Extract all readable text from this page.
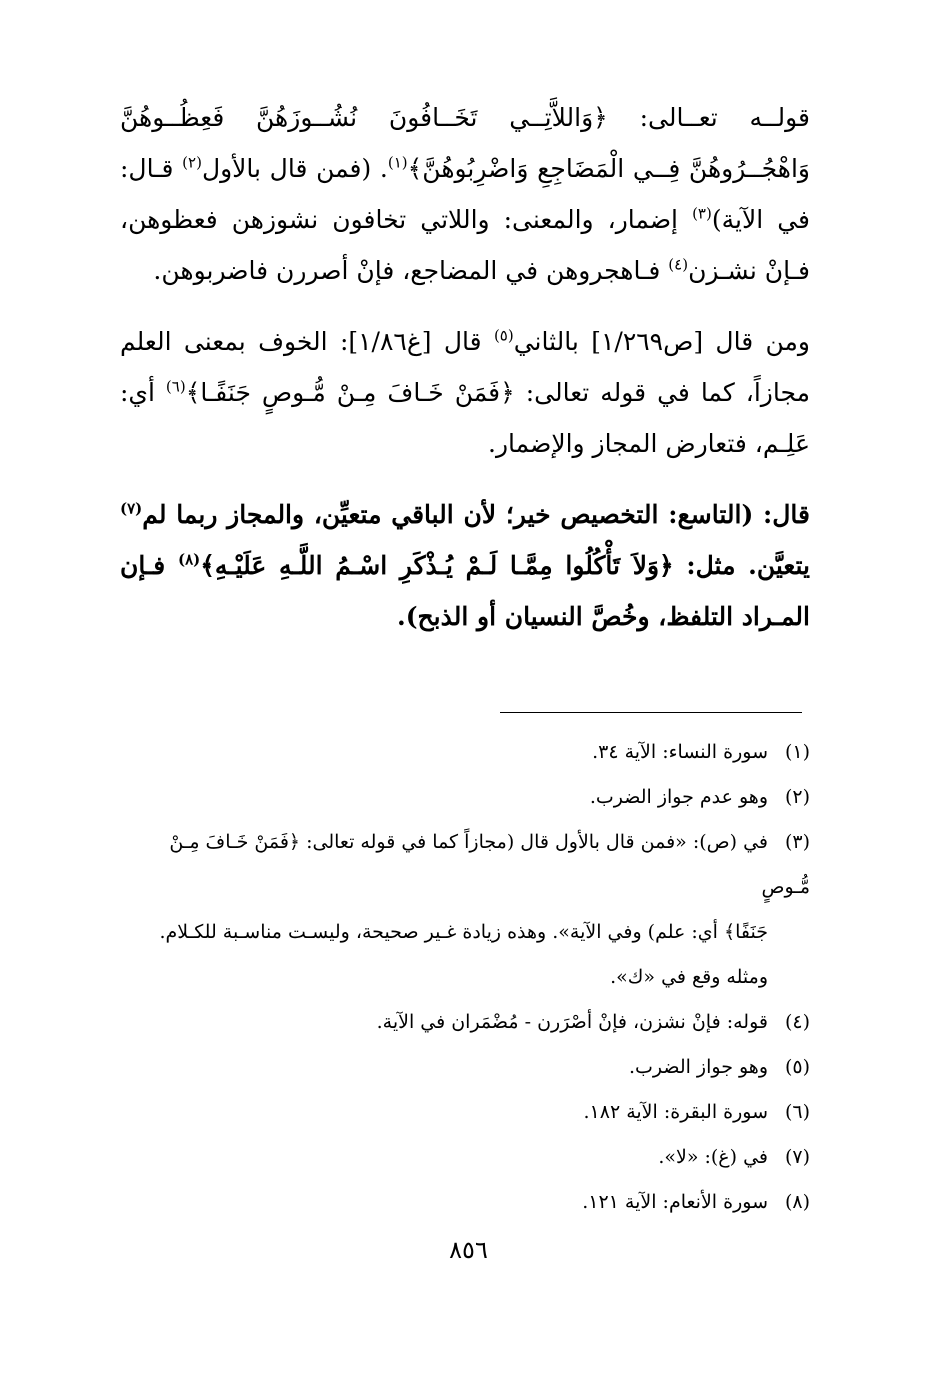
قولــه تعــالى: ﴿وَاللاَّتِــي تَخَــافُونَ نُشُــوزَهُنَّ فَعِظُــوهُنَّ وَاهْجُــرُوهُنَّ فِــي الْمَضَاجِعِ وَاضْرِبُوهُنَّ﴾$^{(١)}$. (فمن قال بالأول$^{(٢)}$ قـال: في الآية)$^{(٣)}$ إضمار، والمعنى: واللاتي تخافون نشوزهن فعظوهن، فـإنْ نشـزن$^{(٤)}$ فـاهجروهن في المضاجع، فإنْ أصررن فاضربوهن.

ومن قال [ص١/٢٦٩] بالثاني$^{(٥)}$ قال [غ١/٨٦]: الخوف بمعنى العلم مجازاً، كما في قوله تعالى: ﴿فَمَنْ خَـافَ مِـنْ مُّـوصٍ جَنَفًـا﴾$^{(٦)}$ أي: عَلِـم، فتعارض المجاز والإضمار.

قال: (التاسع: التخصيص خير؛ لأن الباقي متعيِّن، والمجاز ربما لم$^{(٧)}$ يتعيَّن. مثل: ﴿وَلاَ تَأْكُلُوا مِمَّـا لَـمْ يُـذْكَرِ اسْـمُ اللَّـهِ عَلَيْـهِ﴾$^{(٨)}$ فـإن المـراد التلفظ، وخُصَّ النسيان أو الذبح).

(١)سورة النساء: الآية ٣٤.

(٢)وهو عدم جواز الضرب.

(٣)في (ص): «فمن قال بالأول قال (مجازاً كما في قوله تعالى: ﴿فَمَنْ خَـافَ مِـنْ مُّـوصٍ

جَنَفًا﴾ أي: علم) وفي الآية». وهذه زيادة غـير صحيحة، وليسـت مناسـبة للكـلام.

ومثله وقع في «ك».

(٤)قوله: فإنْ نشزن، فإنْ أصْرَرن - مُضْمَران في الآية.

(٥)وهو جواز الضرب.

(٦)سورة البقرة: الآية ١٨٢.

(٧)في (غ): «لا».

(٨)سورة الأنعام: الآية ١٢١.

٨٥٦
